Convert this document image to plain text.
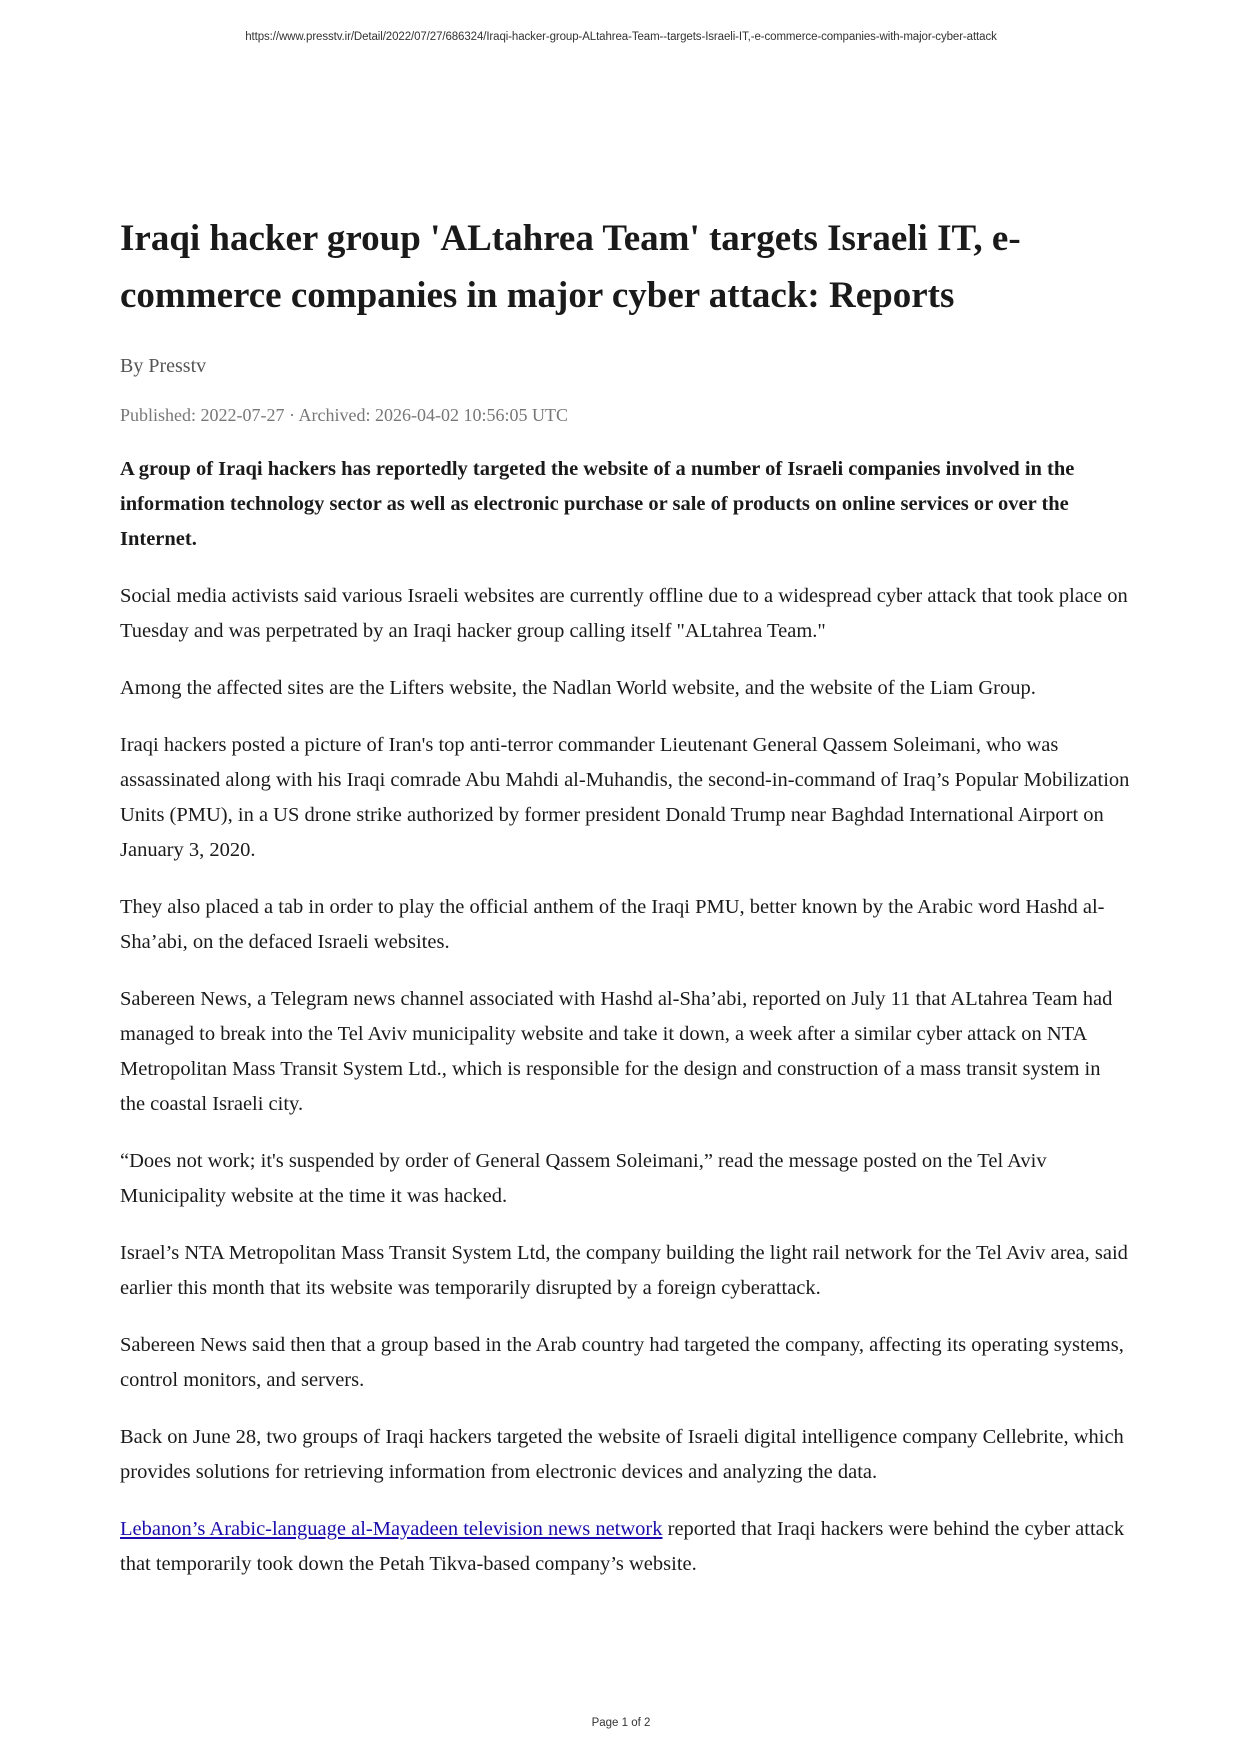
https://www.presstv.ir/Detail/2022/07/27/686324/Iraqi-hacker-group-ALtahrea-Team--targets-Israeli-IT,-e-commerce-companies-with-major-cyber-attack
Iraqi hacker group 'ALtahrea Team' targets Israeli IT, e-commerce companies in major cyber attack: Reports
By Presstv
Published: 2022-07-27 · Archived: 2026-04-02 10:56:05 UTC
A group of Iraqi hackers has reportedly targeted the website of a number of Israeli companies involved in the information technology sector as well as electronic purchase or sale of products on online services or over the Internet.
Social media activists said various Israeli websites are currently offline due to a widespread cyber attack that took place on Tuesday and was perpetrated by an Iraqi hacker group calling itself "ALtahrea Team."
Among the affected sites are the Lifters website, the Nadlan World website, and the website of the Liam Group.
Iraqi hackers posted a picture of Iran's top anti-terror commander Lieutenant General Qassem Soleimani, who was assassinated along with his Iraqi comrade Abu Mahdi al-Muhandis, the second-in-command of Iraq’s Popular Mobilization Units (PMU), in a US drone strike authorized by former president Donald Trump near Baghdad International Airport on January 3, 2020.
They also placed a tab in order to play the official anthem of the Iraqi PMU, better known by the Arabic word Hashd al-Sha’abi, on the defaced Israeli websites.
Sabereen News, a Telegram news channel associated with Hashd al-Sha’abi, reported on July 11 that ALtahrea Team had managed to break into the Tel Aviv municipality website and take it down, a week after a similar cyber attack on NTA Metropolitan Mass Transit System Ltd., which is responsible for the design and construction of a mass transit system in the coastal Israeli city.
“Does not work; it's suspended by order of General Qassem Soleimani,” read the message posted on the Tel Aviv Municipality website at the time it was hacked.
Israel’s NTA Metropolitan Mass Transit System Ltd, the company building the light rail network for the Tel Aviv area, said earlier this month that its website was temporarily disrupted by a foreign cyberattack.
Sabereen News said then that a group based in the Arab country had targeted the company, affecting its operating systems, control monitors, and servers.
Back on June 28, two groups of Iraqi hackers targeted the website of Israeli digital intelligence company Cellebrite, which provides solutions for retrieving information from electronic devices and analyzing the data.
Lebanon’s Arabic-language al-Mayadeen television news network reported that Iraqi hackers were behind the cyber attack that temporarily took down the Petah Tikva-based company’s website.
Page 1 of 2
